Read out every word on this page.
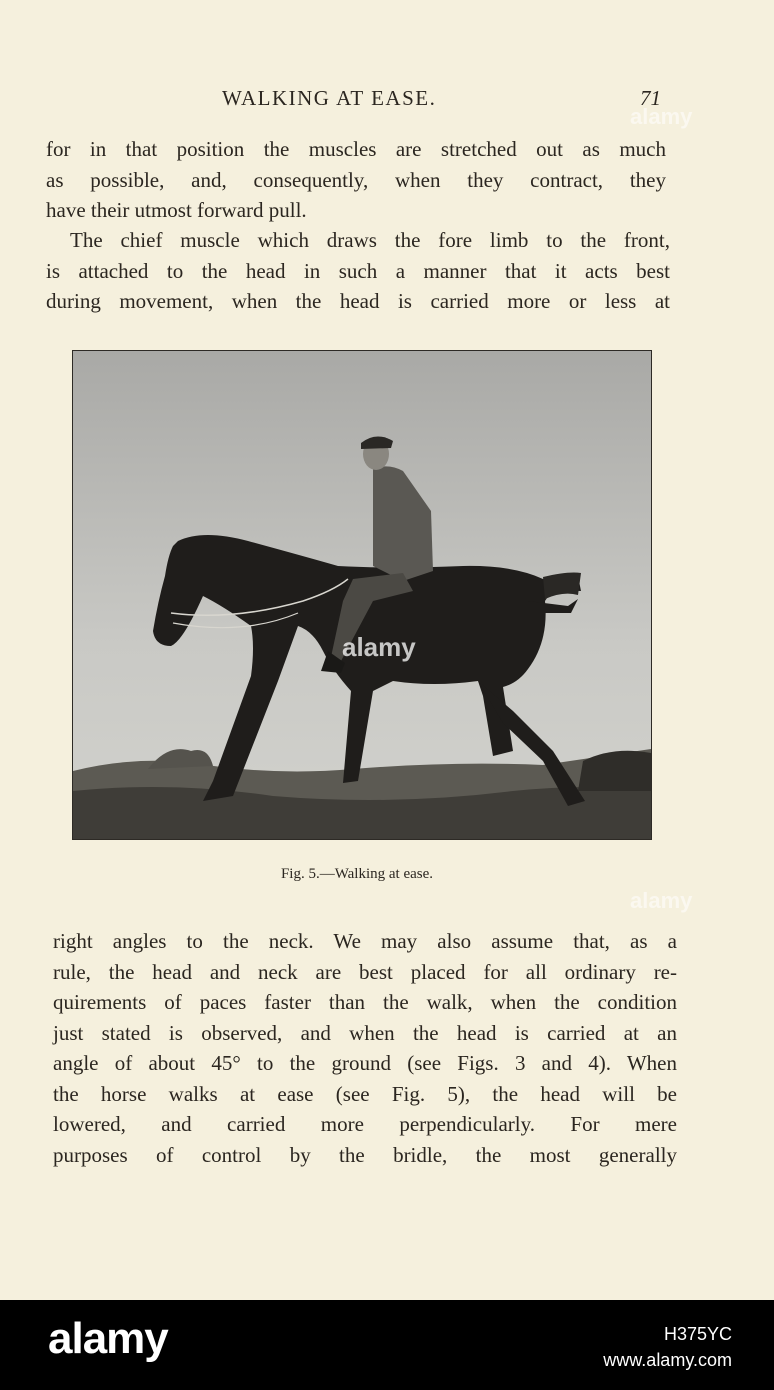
WALKING AT EASE.	71

for in that position the muscles are stretched out as much
as possible, and, consequently, when they contract, they
have their utmost forward pull.

The chief muscle which draws the fore limb to the front,
is attached to the head in such a manner that it acts best
during movement, when the head is carried more or less at

Fig. 5.—Walking at ease.

right angles to the neck. We may also assume that, as a
rule, the head and neck are best placed for all ordinary re-
quirements of paces faster than the walk, when the condition
just stated is observed, and when the head is carried at an
angle of about 45° to the ground (see Figs. 3 and 4). When
the horse walks at ease (see Fig. 5), the head will be
lowered, and carried more perpendicularly. For mere
purposes of control by the bridle, the most generally

alamy
alamy
alamy
alamy	H375YC
www.alamy.com
